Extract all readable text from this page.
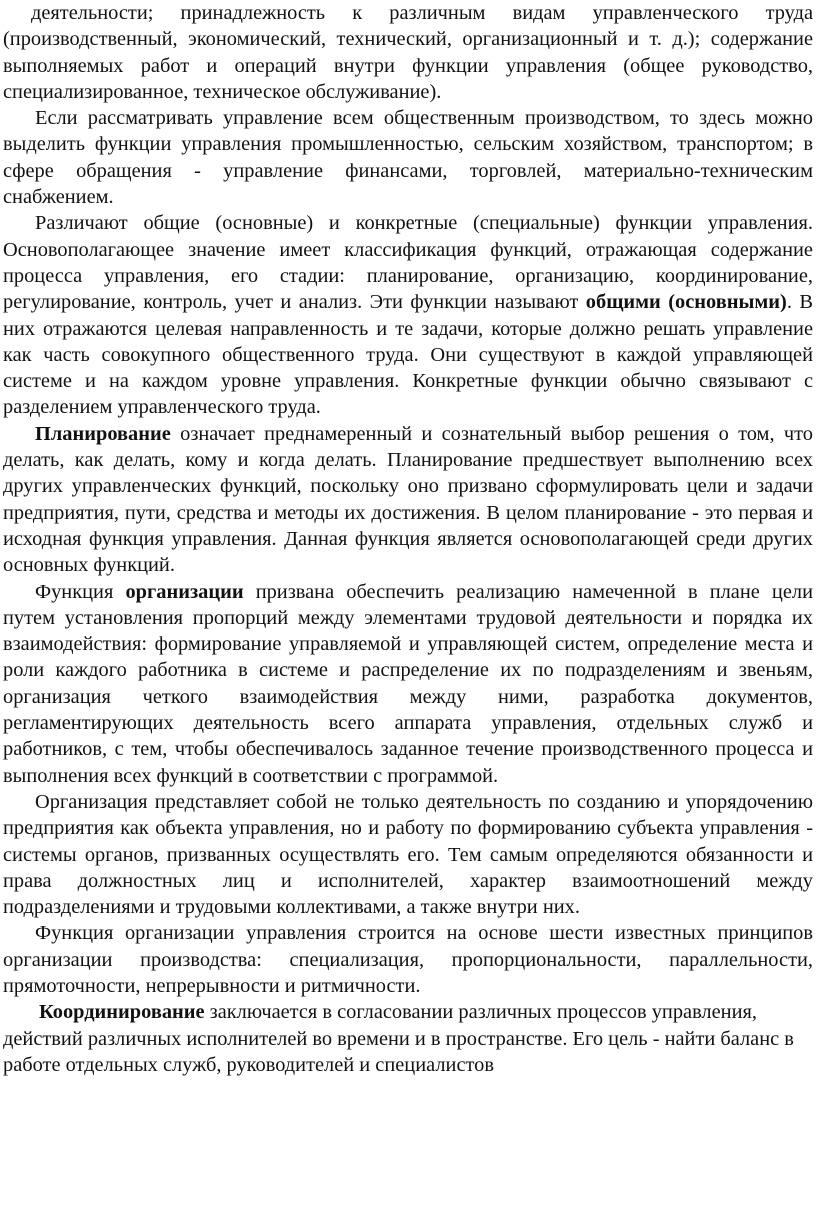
деятельности; принадлежность к различным видам управленческого труда (производственный, экономический, технический, организационный и т. д.); содержание выполняемых работ и операций внутри функции управления (общее руководство, специализированное, техническое обслуживание).

Если рассматривать управление всем общественным производством, то здесь можно выделить функции управления промышленностью, сельским хозяйством, транспортом; в сфере обращения - управление финансами, торговлей, материально-техническим снабжением.

Различают общие (основные) и конкретные (специальные) функции управления. Основополагающее значение имеет классификация функций, отражающая содержание процесса управления, его стадии: планирование, организацию, координирование, регулирование, контроль, учет и анализ. Эти функции называют общими (основными). В них отражаются целевая направленность и те задачи, которые должно решать управление как часть совокупного общественного труда. Они существуют в каждой управляющей системе и на каждом уровне управления. Конкретные функции обычно связывают с разделением управленческого труда.

Планирование означает преднамеренный и сознательный выбор решения о том, что делать, как делать, кому и когда делать. Планирование предшествует выполнению всех других управленческих функций, поскольку оно призвано сформулировать цели и задачи предприятия, пути, средства и методы их достижения. В целом планирование - это первая и исходная функция управления. Данная функция является основополагающей среди других основных функций.

Функция организации призвана обеспечить реализацию намеченной в плане цели путем установления пропорций между элементами трудовой деятельности и порядка их взаимодействия: формирование управляемой и управляющей систем, определение места и роли каждого работника в системе и распределение их по подразделениям и звеньям, организация четкого взаимодействия между ними, разработка документов, регламентирующих деятельность всего аппарата управления, отдельных служб и работников, с тем, чтобы обеспечивалось заданное течение производственного процесса и выполнения всех функций в соответствии с программой.

Организация представляет собой не только деятельность по созданию и упорядочению предприятия как объекта управления, но и работу по формированию субъекта управления - системы органов, призванных осуществлять его. Тем самым определяются обязанности и права должностных лиц и исполнителей, характер взаимоотношений между подразделениями и трудовыми коллективами, а также внутри них.

Функция организации управления строится на основе шести известных принципов организации производства: специализация, пропорциональности, параллельности, прямоточности, непрерывности и ритмичности.

Координирование заключается в согласовании различных процессов управления, действий различных исполнителей во времени и в пространстве. Его цель - найти баланс в работе отдельных служб, руководителей и специалистов
